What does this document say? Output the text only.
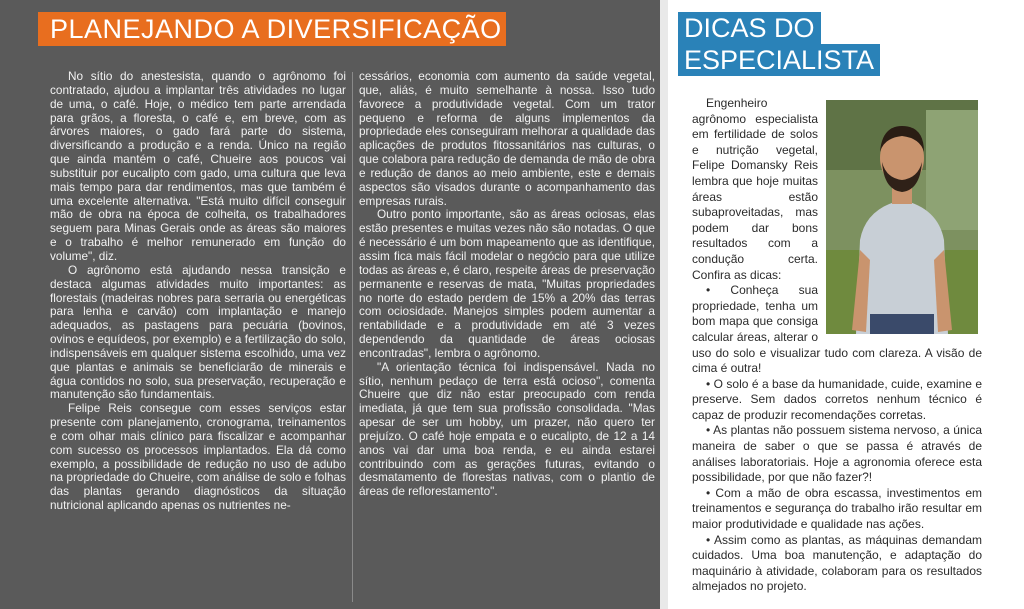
PLANEJANDO A DIVERSIFICAÇÃO

No sítio do anestesista, quando o agrônomo foi contratado, ajudou a implantar três atividades no lugar de uma, o café. Hoje, o médico tem parte arrendada para grãos, a floresta, o café e, em breve, com as árvores maiores, o gado fará parte do sistema, diversificando a produção e a renda. Único na região que ainda mantém o café, Chueire aos poucos vai substituir por eucalipto com gado, uma cultura que leva mais tempo para dar rendimentos, mas que também é uma excelente alternativa. "Está muito difícil conseguir mão de obra na época de colheita, os trabalhadores seguem para Minas Gerais onde as áreas são maiores e o trabalho é melhor remunerado em função do volume", diz.

O agrônomo está ajudando nessa transição e destaca algumas atividades muito importantes: as florestais (madeiras nobres para serraria ou energéticas para lenha e carvão) com implantação e manejo adequados, as pastagens para pecuária (bovinos, ovinos e equídeos, por exemplo) e a fertilização do solo, indispensáveis em qualquer sistema escolhido, uma vez que plantas e animais se beneficiarão de minerais e água contidos no solo, sua preservação, recuperação e manutenção são fundamentais.

Felipe Reis consegue com esses serviços estar presente com planejamento, cronograma, treinamentos e com olhar mais clínico para fiscalizar e acompanhar com sucesso os processos implantados. Ela dá como exemplo, a possibilidade de redução no uso de adubo na propriedade do Chueire, com análise de solo e folhas das plantas gerando diagnósticos da situação nutricional aplicando apenas os nutrientes ne-

cessários, economia com aumento da saúde vegetal, que, aliás, é muito semelhante à nossa. Isso tudo favorece a produtividade vegetal. Com um trator pequeno e reforma de alguns implementos da propriedade eles conseguiram melhorar a qualidade das aplicações de produtos fitossanitários nas culturas, o que colabora para redução de demanda de mão de obra e redução de danos ao meio ambiente, este e demais aspectos são visados durante o acompanhamento das empresas rurais.

Outro ponto importante, são as áreas ociosas, elas estão presentes e muitas vezes não são notadas. O que é necessário é um bom mapeamento que as identifique, assim fica mais fácil modelar o negócio para que utilize todas as áreas e, é claro, respeite áreas de preservação permanente e reservas de mata, "Muitas propriedades no norte do estado perdem de 15% a 20% das terras com ociosidade. Manejos simples podem aumentar a rentabilidade e a produtividade em até 3 vezes dependendo da quantidade de áreas ociosas encontradas", lembra o agrônomo.

"A orientação técnica foi indispensável. Nada no sítio, nenhum pedaço de terra está ocioso", comenta Chueire que diz não estar preocupado com renda imediata, já que tem sua profissão consolidada. "Mas apesar de ser um hobby, um prazer, não quero ter prejuízo. O café hoje empata e o eucalipto, de 12 a 14 anos vai dar uma boa renda, e eu ainda estarei contribuindo com as gerações futuras, evitando o desmatamento de florestas nativas, com o plantio de áreas de reflorestamento".

DICAS DO
ESPECIALISTA

Engenheiro agrônomo especialista em fertilidade de solos e nutrição vegetal, Felipe Domansky Reis lembra que hoje muitas áreas estão subaproveitadas, mas podem dar bons resultados com a condução certa. Confira as dicas:

• Conheça sua propriedade, tenha um bom mapa que consiga calcular áreas, alterar o uso do solo e visualizar tudo com clareza. A visão de cima é outra!

• O solo é a base da humanidade, cuide, examine e preserve. Sem dados corretos nenhum técnico é capaz de produzir recomendações corretas.

• As plantas não possuem sistema nervoso, a única maneira de saber o que se passa é através de análises laboratoriais. Hoje a agronomia oferece esta possibilidade, por que não fazer?!

• Com a mão de obra escassa, investimentos em treinamentos e segurança do trabalho irão resultar em maior produtividade e qualidade nas ações.

• Assim como as plantas, as máquinas demandam cuidados. Uma boa manutenção, e adaptação do maquinário à atividade, colaboram para os resultados almejados no projeto.
